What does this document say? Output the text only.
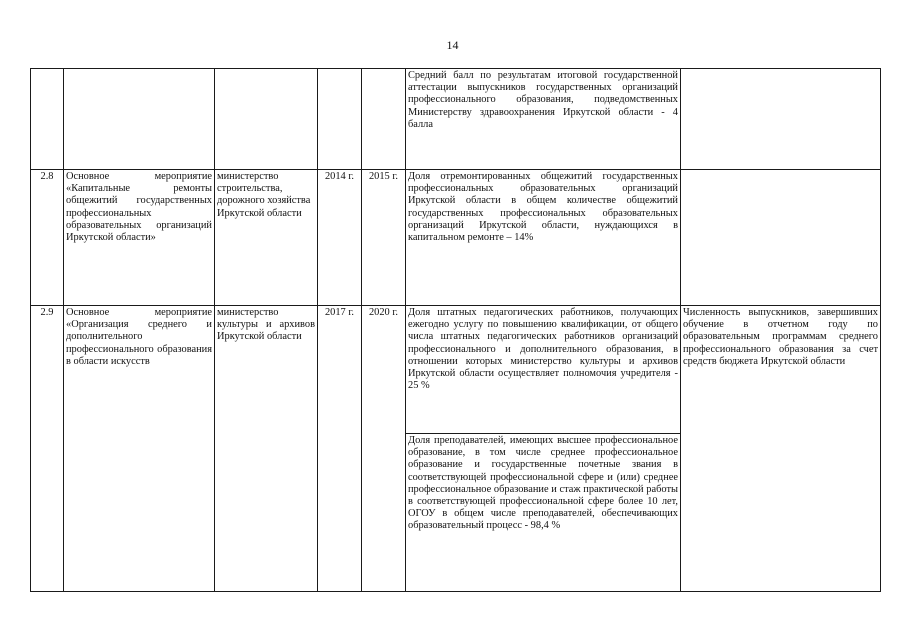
14
					Средний балл по результатам итоговой государственной аттестации выпускников государственных организаций профессионального образования, подведомственных Министерству здравоохранения Иркутской области - 4 балла	
2.8	Основное мероприятие «Капитальные ремонты общежитий государственных профессиональных образовательных организаций Иркутской области»	министерство строительства, дорожного хозяйства Иркутской области	2014 г.	2015 г.	Доля отремонтированных общежитий государственных профессиональных образовательных организаций Иркутской области в общем количестве общежитий государственных профессиональных образовательных организаций Иркутской области, нуждающихся в капитальном ремонте – 14%	
2.9	Основное мероприятие «Организация среднего и дополнительного профессионального образования в области искусств	министерство культуры и архивов Иркутской области	2017 г.	2020 г.	Доля штатных педагогических работников, получающих ежегодно услугу по повышению квалификации, от общего числа штатных педагогических работников организаций профессионального и дополнительного образования, в отношении которых министерство культуры и архивов Иркутской области осуществляет полномочия учредителя - 25 %	Численность выпускников, завершивших обучение в отчетном году по образовательным программам среднего профессионального образования за счет средств бюджета Иркутской области
					Доля преподавателей, имеющих высшее профессиональное образование, в том числе среднее профессиональное образование и государственные почетные звания в соответствующей профессиональной сфере и (или) среднее профессиональное образование и стаж практической работы в соответствующей профессиональной сфере более 10 лет, ОГОУ в общем числе преподавателей, обеспечивающих образовательный процесс - 98,4 %	
